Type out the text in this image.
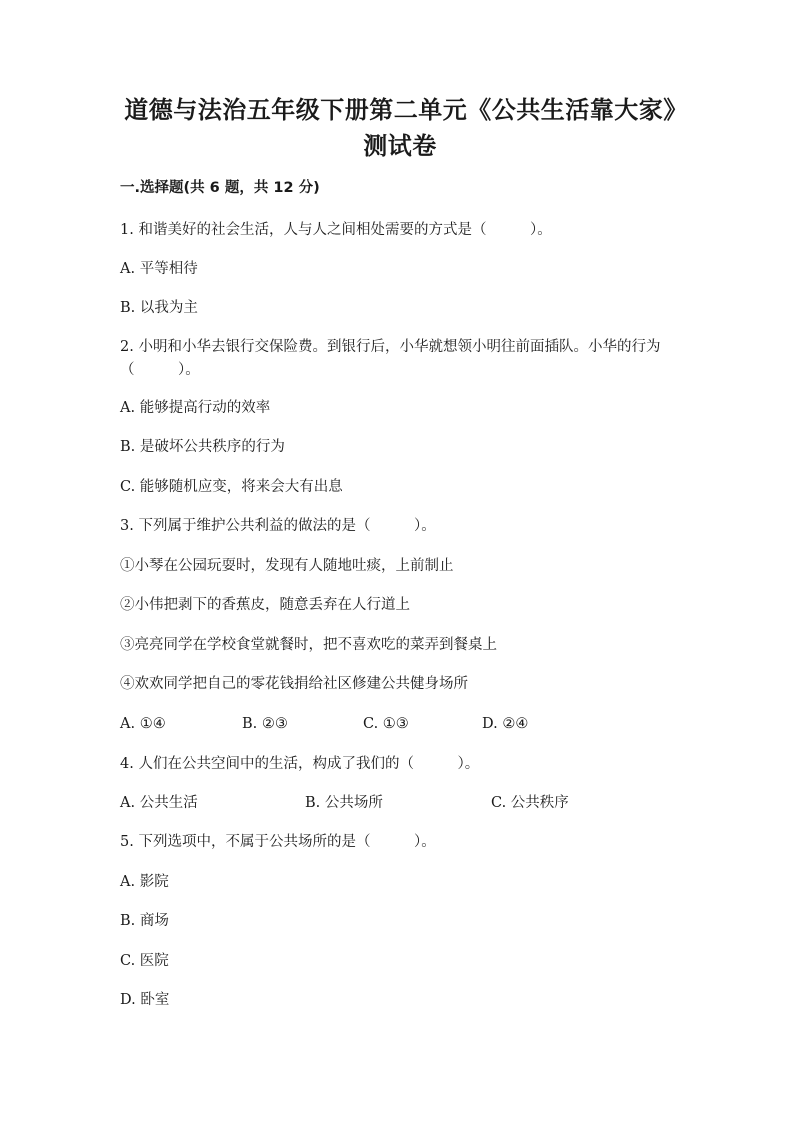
道德与法治五年级下册第二单元《公共生活靠大家》测试卷
一.选择题(共 6 题，共 12 分)
1. 和谐美好的社会生活，人与人之间相处需要的方式是（　　　）。
A. 平等相待
B. 以我为主
2. 小明和小华去银行交保险费。到银行后，小华就想领小明往前面插队。小华的行为（　　　）。
A. 能够提高行动的效率
B. 是破坏公共秩序的行为
C. 能够随机应变，将来会大有出息
3. 下列属于维护公共利益的做法的是（　　　）。
①小琴在公园玩耍时，发现有人随地吐痰，上前制止
②小伟把剥下的香蕉皮，随意丢弃在人行道上
③亮亮同学在学校食堂就餐时，把不喜欢吃的菜弄到餐桌上
④欢欢同学把自己的零花钱捐给社区修建公共健身场所
A. ①④	B. ②③	C. ①③	D. ②④
4. 人们在公共空间中的生活，构成了我们的（　　　）。
A. 公共生活	B. 公共场所	C. 公共秩序
5. 下列选项中，不属于公共场所的是（　　　）。
A. 影院
B. 商场
C. 医院
D. 卧室
